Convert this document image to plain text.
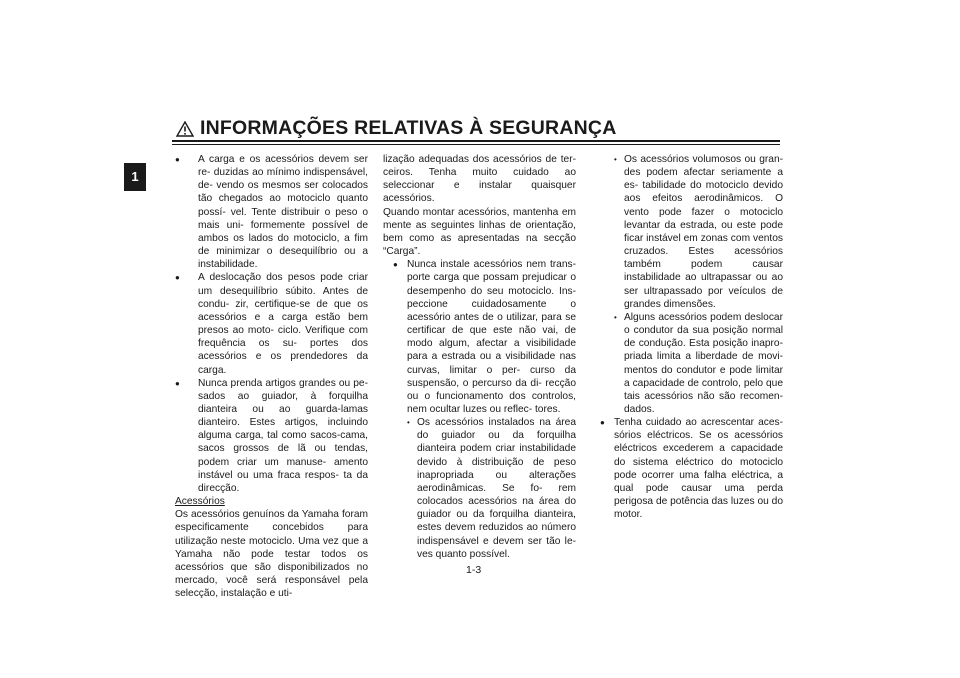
INFORMAÇÕES RELATIVAS À SEGURANÇA
1

● A carga e os acessórios devem ser re- duzidas ao mínimo indispensável, de- vendo os mesmos ser colocados tão chegados ao motociclo quanto possí- vel. Tente distribuir o peso o mais uni- formemente possível de ambos os lados do motociclo, a fim de minimizar o desequilíbrio ou a instabilidade.

● A deslocação dos pesos pode criar um desequilíbrio súbito. Antes de condu- zir, certifique-se de que os acessórios e a carga estão bem presos ao moto- ciclo. Verifique com frequência os su- portes dos acessórios e os prendedores da carga.

● Nunca prenda artigos grandes ou pe- sados ao guiador, à forquilha dianteira ou ao guarda-lamas dianteiro. Estes artigos, incluindo alguma carga, tal como sacos-cama, sacos grossos de lã ou tendas, podem criar um manuse- amento instável ou uma fraca respos- ta da direcção.

Acessórios

Os acessórios genuínos da Yamaha foram especificamente concebidos para utilização neste motociclo. Uma vez que a Yamaha não pode testar todos os acessórios que são disponibilizados no mercado, você será responsável pela selecção, instalação e uti-

lização adequadas dos acessórios de ter- ceiros. Tenha muito cuidado ao seleccionar e instalar quaisquer acessórios.

Quando montar acessórios, mantenha em mente as seguintes linhas de orientação, bem como as apresentadas na secção “Carga”.

● Nunca instale acessórios nem trans- porte carga que possam prejudicar o desempenho do seu motociclo. Ins- peccione cuidadosamente o acessório antes de o utilizar, para se certificar de que este não vai, de modo algum, afectar a visibilidade para a estrada ou a visibilidade nas curvas, limitar o per- curso da suspensão, o percurso da di- recção ou o funcionamento dos controlos, nem ocultar luzes ou reflec- tores.

• Os acessórios instalados na área do guiador ou da forquilha dianteira podem criar instabilidade devido à distribuição de peso inapropriada ou alterações aerodinâmicas. Se fo- rem colocados acessórios na área do guiador ou da forquilha dianteira, estes devem reduzidos ao número indispensável e devem ser tão le- ves quanto possível.

• Os acessórios volumosos ou gran- des podem afectar seriamente a es- tabilidade do motociclo devido aos efeitos aerodinâmicos. O vento pode fazer o motociclo levantar da estrada, ou este pode ficar instável em zonas com ventos cruzados. Estes acessórios também podem causar instabilidade ao ultrapassar ou ao ser ultrapassado por veículos de grandes dimensões.

• Alguns acessórios podem deslocar o condutor da sua posição normal de condução. Esta posição inapro- priada limita a liberdade de movi- mentos do condutor e pode limitar a capacidade de controlo, pelo que tais acessórios não são recomen- dados.

● Tenha cuidado ao acrescentar aces- sórios eléctricos. Se os acessórios eléctricos excederem a capacidade do sistema eléctrico do motociclo pode ocorrer uma falha eléctrica, a qual pode causar uma perda perigosa de potência das luzes ou do motor.

1-3
